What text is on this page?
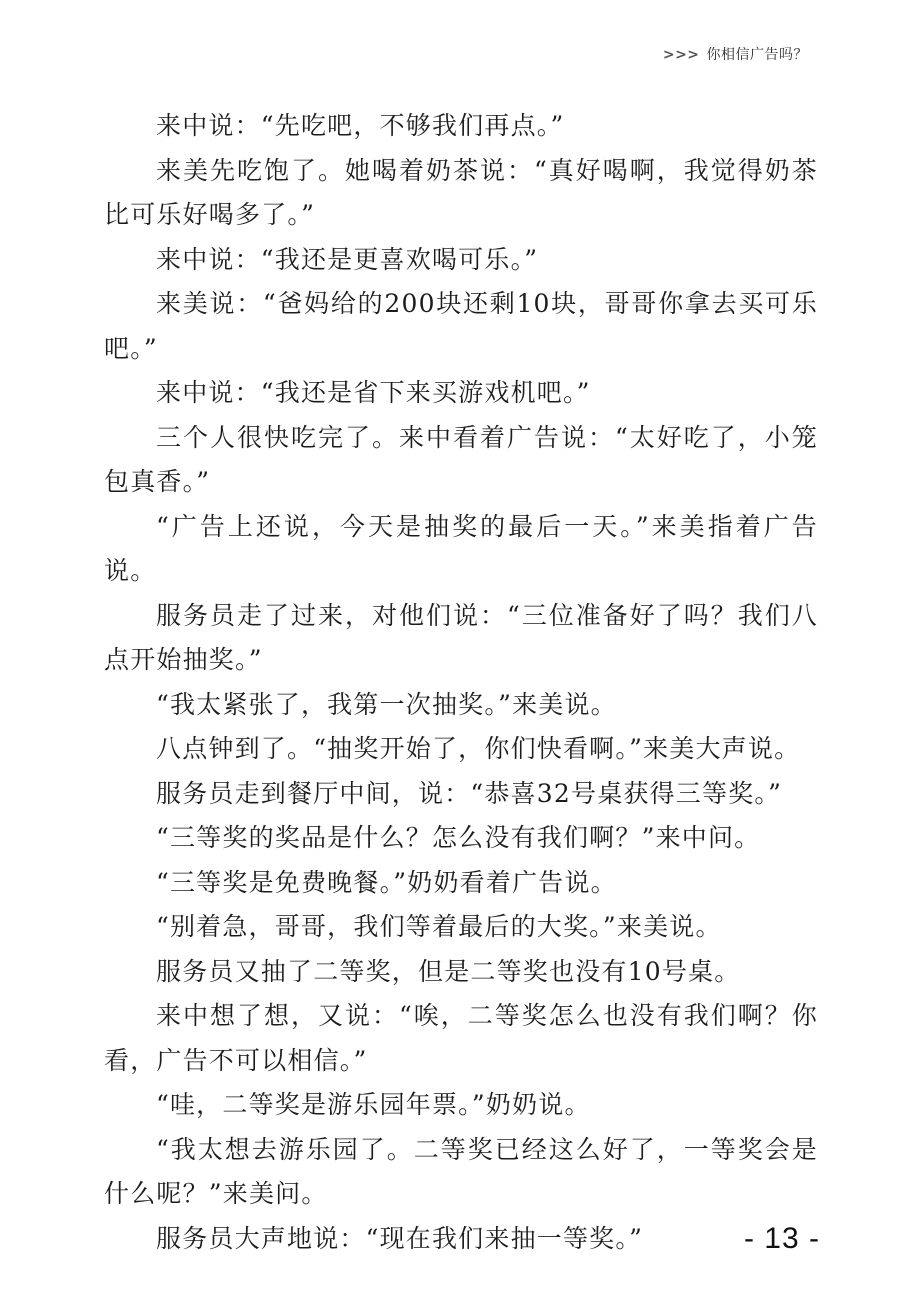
>>> 你相信广告吗？

来中说：“先吃吧，不够我们再点。”

来美先吃饱了。她喝着奶茶说：“真好喝啊，我觉得奶茶比可乐好喝多了。”

来中说：“我还是更喜欢喝可乐。”

来美说：“爸妈给的200块还剩10块，哥哥你拿去买可乐吧。”

来中说：“我还是省下来买游戏机吧。”

三个人很快吃完了。来中看着广告说：“太好吃了，小笼包真香。”

“广告上还说，今天是抽奖的最后一天。”来美指着广告说。

服务员走了过来，对他们说：“三位准备好了吗？我们八点开始抽奖。”

“我太紧张了，我第一次抽奖。”来美说。

八点钟到了。“抽奖开始了，你们快看啊。”来美大声说。

服务员走到餐厅中间，说：“恭喜32号桌获得三等奖。”

“三等奖的奖品是什么？怎么没有我们啊？”来中问。

“三等奖是免费晚餐。”奶奶看着广告说。

“别着急，哥哥，我们等着最后的大奖。”来美说。

服务员又抽了二等奖，但是二等奖也没有10号桌。

来中想了想，又说：“唉，二等奖怎么也没有我们啊？你看，广告不可以相信。”

“哇，二等奖是游乐园年票。”奶奶说。

“我太想去游乐园了。二等奖已经这么好了，一等奖会是什么呢？”来美问。

服务员大声地说：“现在我们来抽一等奖。”	- 13 -
